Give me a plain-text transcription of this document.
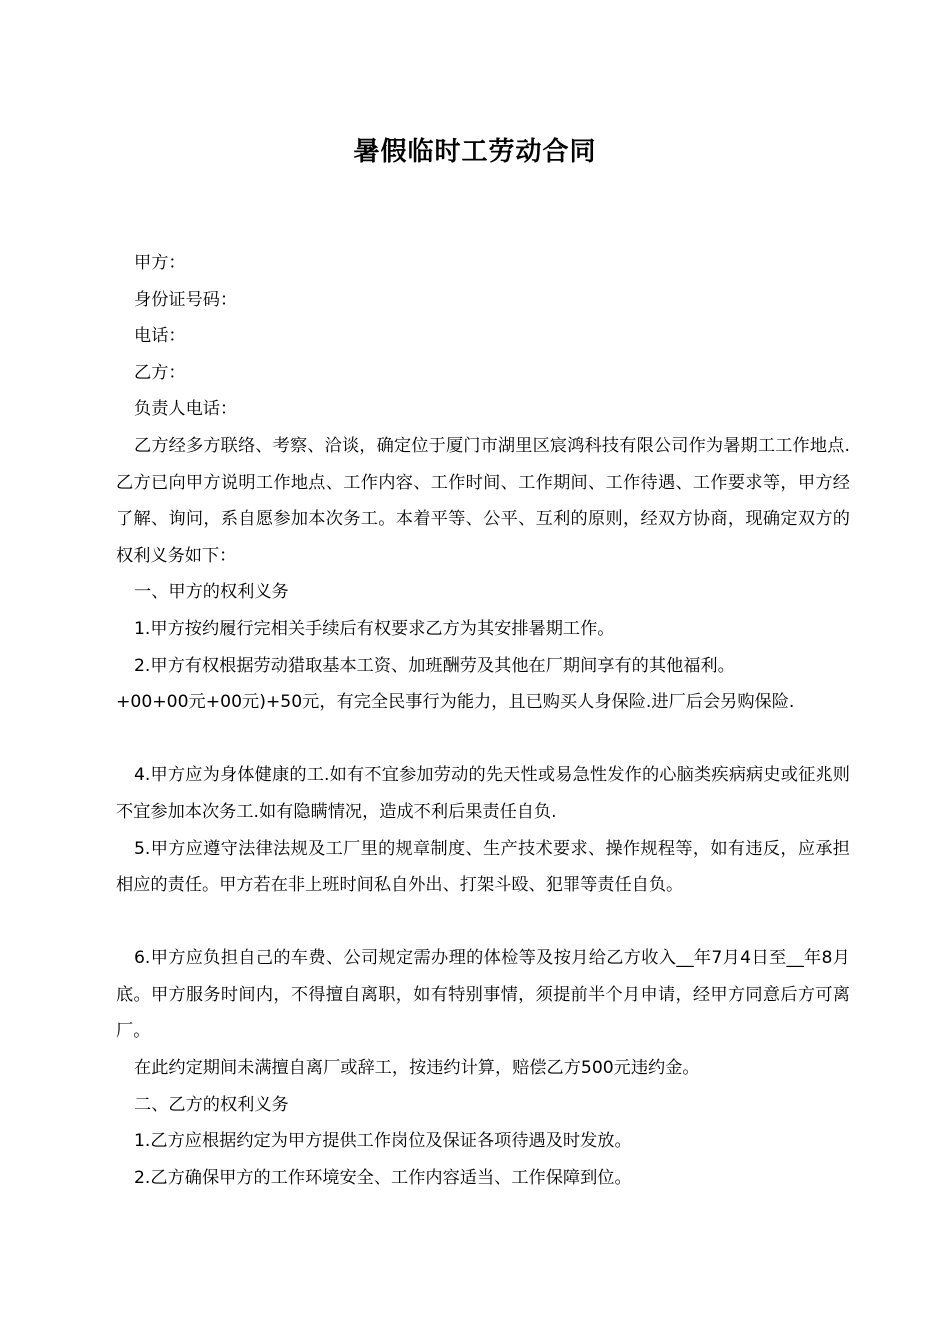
暑假临时工劳动合同

甲方：

身份证号码：

电话：

乙方：

负责人电话：

乙方经多方联络、考察、洽谈，确定位于厦门市湖里区宸鸿科技有限公司作为暑期工工作地点.乙方已向甲方说明工作地点、工作内容、工作时间、工作期间、工作待遇、工作要求等，甲方经了解、询问，系自愿参加本次务工。本着平等、公平、互利的原则，经双方协商，现确定双方的权利义务如下：

一、甲方的权利义务

1.甲方按约履行完相关手续后有权要求乙方为其安排暑期工作。

2.甲方有权根据劳动猎取基本工资、加班酬劳及其他在厂期间享有的其他福利。

+00+00元+00元)+50元，有完全民事行为能力，且已购买人身保险.进厂后会另购保险.

4.甲方应为身体健康的工.如有不宜参加劳动的先天性或易急性发作的心脑类疾病病史或征兆则不宜参加本次务工.如有隐瞒情况，造成不利后果责任自负.

5.甲方应遵守法律法规及工厂里的规章制度、生产技术要求、操作规程等，如有违反，应承担相应的责任。甲方若在非上班时间私自外出、打架斗殴、犯罪等责任自负。

6.甲方应负担自己的车费、公司规定需办理的体检等及按月给乙方收入__年7月4日至__年8月底。甲方服务时间内，不得擅自离职，如有特别事情，须提前半个月申请，经甲方同意后方可离厂。

在此约定期间未满擅自离厂或辞工，按违约计算，赔偿乙方500元违约金。

二、乙方的权利义务

1.乙方应根据约定为甲方提供工作岗位及保证各项待遇及时发放。

2.乙方确保甲方的工作环境安全、工作内容适当、工作保障到位。
